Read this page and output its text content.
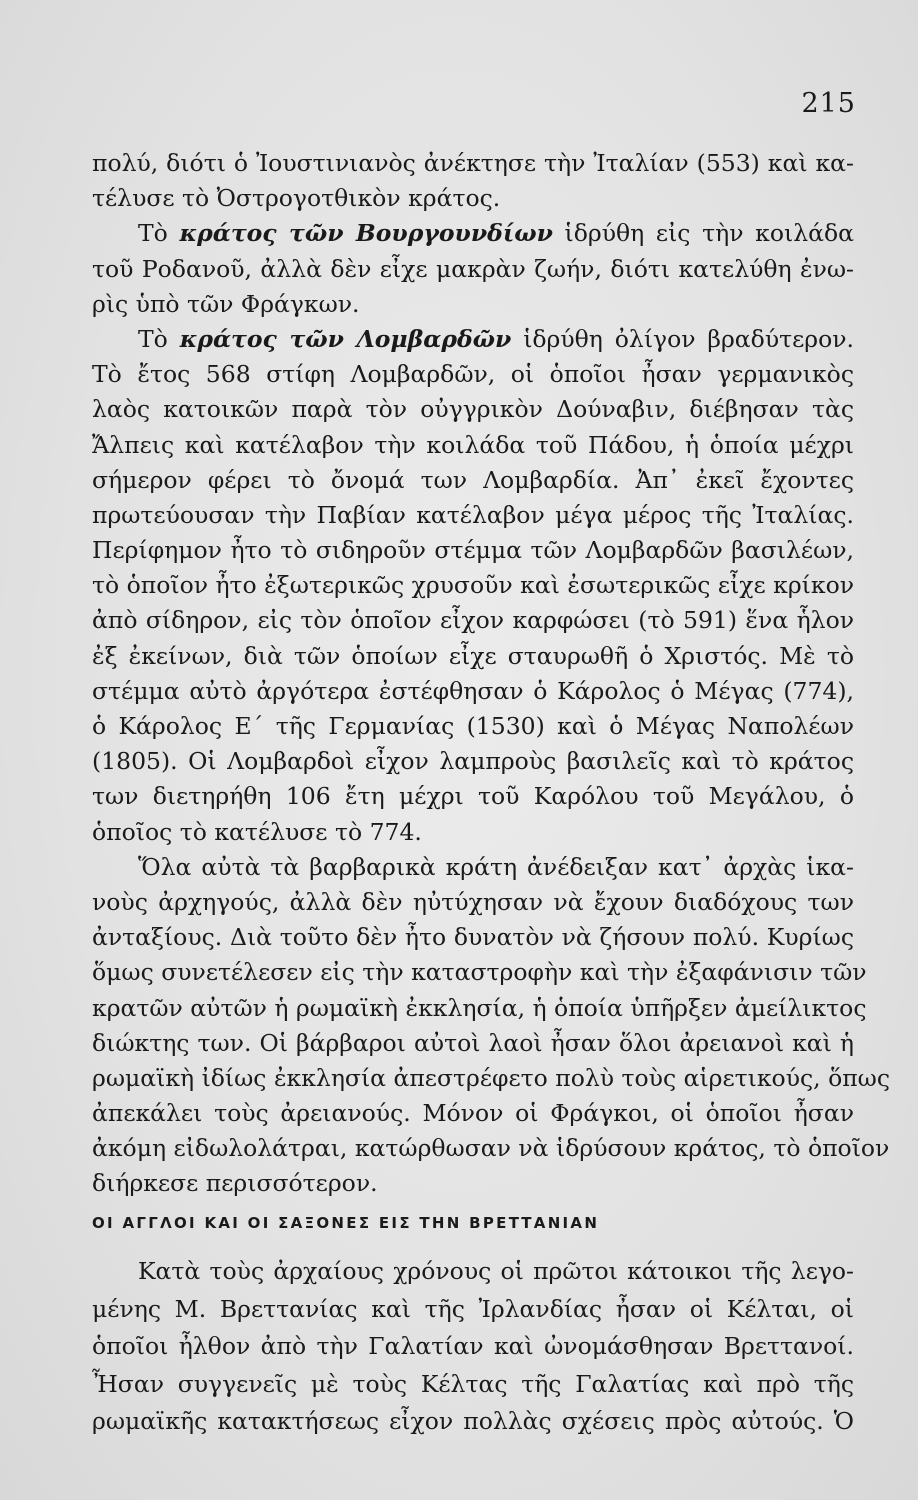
215
πολύ, διότι ὁ Ἰουστινιανὸς ἀνέκτησε τὴν Ἰταλίαν (553) καὶ κα-
τέλυσε τὸ Ὀστρογοτθικὸν κράτος.
Τὸ κράτος τῶν Βουργουνδίων ἱδρύθη εἰς τὴν κοιλάδα
τοῦ Ροδανοῦ, ἀλλὰ δὲν εἶχε μακρὰν ζωήν, διότι κατελύθη ἐνω-
ρὶς ὑπὸ τῶν Φράγκων.
Τὸ κράτος τῶν Λομβαρδῶν ἱδρύθη ὀλίγον βραδύτερον.
Τὸ ἔτος 568 στίφη Λομβαρδῶν, οἱ ὁποῖοι ἦσαν γερμανικὸς
λαὸς κατοικῶν παρὰ τὸν οὐγγρικὸν Δούναβιν, διέβησαν τὰς
Ἄλπεις καὶ κατέλαβον τὴν κοιλάδα τοῦ Πάδου, ἡ ὁποία μέχρι
σήμερον φέρει τὸ ὄνομά των Λομβαρδία. Ἀπ᾽ ἐκεῖ ἔχοντες
πρωτεύουσαν τὴν Παβίαν κατέλαβον μέγα μέρος τῆς Ἰταλίας.
Περίφημον ἦτο τὸ σιδηροῦν στέμμα τῶν Λομβαρδῶν βασιλέων,
τὸ ὁποῖον ἦτο ἐξωτερικῶς χρυσοῦν καὶ ἐσωτερικῶς εἶχε κρίκον
ἀπὸ σίδηρον, εἰς τὸν ὁποῖον εἶχον καρφώσει (τὸ 591) ἕνα ἧλον
ἐξ ἐκείνων, διὰ τῶν ὁποίων εἶχε σταυρωθῆ ὁ Χριστός. Μὲ τὸ
στέμμα αὐτὸ ἀργότερα ἐστέφθησαν ὁ Κάρολος ὁ Μέγας (774),
ὁ Κάρολος Ε΄ τῆς Γερμανίας (1530) καὶ ὁ Μέγας Ναπολέων
(1805). Οἱ Λομβαρδοὶ εἶχον λαμπροὺς βασιλεῖς καὶ τὸ κράτος
των διετηρήθη 106 ἔτη μέχρι τοῦ Καρόλου τοῦ Μεγάλου, ὁ
ὁποῖος τὸ κατέλυσε τὸ 774.
Ὅλα αὐτὰ τὰ βαρβαρικὰ κράτη ἀνέδειξαν κατ᾽ ἀρχὰς ἱκα-
νοὺς ἀρχηγούς, ἀλλὰ δὲν ηὐτύχησαν νὰ ἔχουν διαδόχους των
ἀνταξίους. Διὰ τοῦτο δὲν ἦτο δυνατὸν νὰ ζήσουν πολύ. Κυρίως
ὅμως συνετέλεσεν εἰς τὴν καταστροφὴν καὶ τὴν ἐξαφάνισιν τῶν
κρατῶν αὐτῶν ἡ ρωμαϊκὴ ἐκκλησία, ἡ ὁποία ὑπῆρξεν ἀμείλικτος
διώκτης των. Οἱ βάρβαροι αὐτοὶ λαοὶ ἦσαν ὅλοι ἀρειανοὶ καὶ ἡ
ρωμαϊκὴ ἰδίως ἐκκλησία ἀπεστρέφετο πολὺ τοὺς αἱρετικούς, ὅπως
ἀπεκάλει τοὺς ἀρειανούς. Μόνον οἱ Φράγκοι, οἱ ὁποῖοι ἦσαν
ἀκόμη εἰδωλολάτραι, κατώρθωσαν νὰ ἱδρύσουν κράτος, τὸ ὁποῖον
διήρκεσε περισσότερον.
ΟΙ ΑΓΓΛΟΙ ΚΑΙ ΟΙ ΣΑΞΟΝΕΣ ΕΙΣ ΤΗΝ ΒΡΕΤΤΑΝΙΑΝ
Κατὰ τοὺς ἀρχαίους χρόνους οἱ πρῶτοι κάτοικοι τῆς λεγο-
μένης Μ. Βρεττανίας καὶ τῆς Ἰρλανδίας ἦσαν οἱ Κέλται, οἱ
ὁποῖοι ἦλθον ἀπὸ τὴν Γαλατίαν καὶ ὠνομάσθησαν Βρεττανοί.
Ἦσαν συγγενεῖς μὲ τοὺς Κέλτας τῆς Γαλατίας καὶ πρὸ τῆς
ρωμαϊκῆς κατακτήσεως εἶχον πολλὰς σχέσεις πρὸς αὐτούς. Ὁ
